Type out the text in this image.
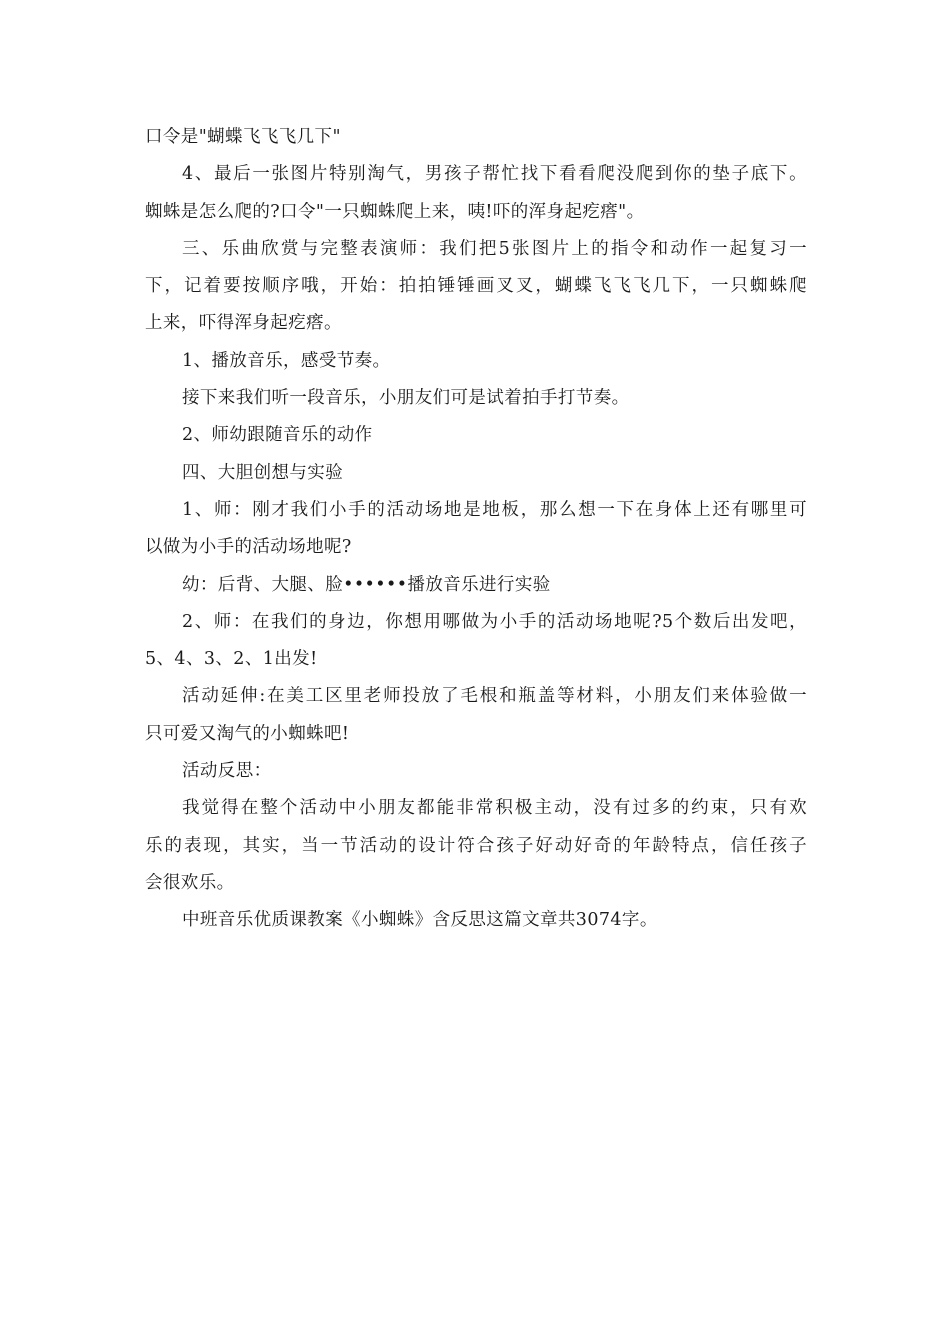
口令是"蝴蝶飞飞飞几下"
4、最后一张图片特别淘气，男孩子帮忙找下看看爬没爬到你的垫子底下。
蜘蛛是怎么爬的?口令"一只蜘蛛爬上来，咦!吓的浑身起疙瘩"。
三、乐曲欣赏与完整表演师：我们把5张图片上的指令和动作一起复习一
下，记着要按顺序哦，开始：拍拍锤锤画叉叉，蝴蝶飞飞飞几下，一只蜘蛛爬
上来，吓得浑身起疙瘩。
1、播放音乐，感受节奏。
接下来我们听一段音乐，小朋友们可是试着拍手打节奏。
2、师幼跟随音乐的动作
四、大胆创想与实验
1、师：刚才我们小手的活动场地是地板，那么想一下在身体上还有哪里可
以做为小手的活动场地呢?
幼：后背、大腿、脸••••••播放音乐进行实验
2、师：在我们的身边，你想用哪做为小手的活动场地呢?5个数后出发吧，
5、4、3、2、1出发!
活动延伸:在美工区里老师投放了毛根和瓶盖等材料，小朋友们来体验做一
只可爱又淘气的小蜘蛛吧!
活动反思：
我觉得在整个活动中小朋友都能非常积极主动，没有过多的约束，只有欢
乐的表现，其实，当一节活动的设计符合孩子好动好奇的年龄特点，信任孩子
会很欢乐。
中班音乐优质课教案《小蜘蛛》含反思这篇文章共3074字。
